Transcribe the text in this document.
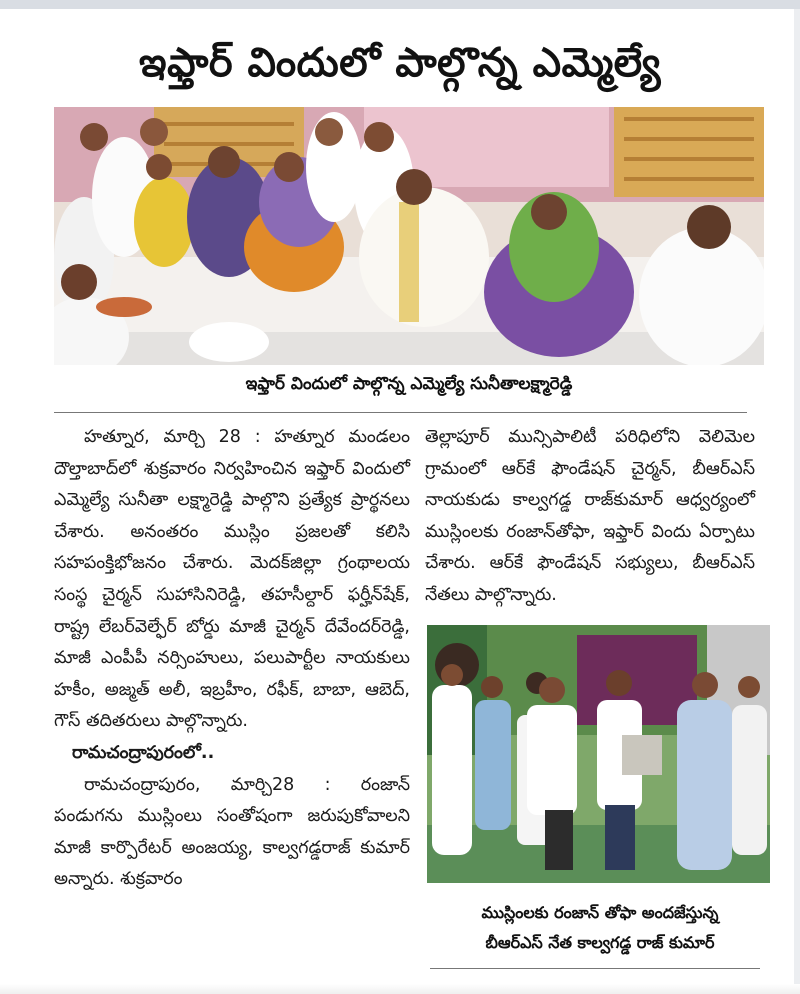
ఇఫ్తార్ విందులో పాల్గొన్న ఎమ్మెల్యే
ఇఫ్తార్ విందులో పాల్గొన్న ఎమ్మెల్యే సునీతాలక్ష్మారెడ్డి

హత్నూర, మార్చి 28 : హత్నూర మండలం దౌల్తాబాద్‌లో శుక్రవారం నిర్వహించిన ఇఫ్తార్ విందులో ఎమ్మెల్యే సునీతా లక్ష్మారెడ్డి పాల్గొని ప్రత్యేక ప్రార్థనలు చేశారు. అనంతరం ముస్లిం ప్రజలతో కలిసి సహపంక్తిభోజనం చేశారు. మెదక్‌జిల్లా గ్రంథాలయ సంస్థ చైర్మన్ సుహాసినిరెడ్డి, తహసీల్దార్ ఫర్హీన్‌షేక్, రాష్ట్ర లేబర్‌వెల్ఫేర్ బోర్డు మాజీ చైర్మన్ దేవేందర్‌రెడ్డి, మాజీ ఎంపీపీ నర్సింహులు, పలుపార్టీల నాయకులు హకీం, అజ్మత్ అలీ, ఇబ్రహీం, రఫీక్, బాబా, ఆబెద్, గౌస్ తదితరులు పాల్గొన్నారు.

రామచంద్రాపురంలో..

రామచంద్రాపురం, మార్చి28 : రంజాన్ పండుగను ముస్లింలు సంతోషంగా జరుపుకోవాలని మాజీ కార్పొరేటర్ అంజయ్య, కాల్వగడ్డరాజ్ కుమార్ అన్నారు. శుక్రవారం

తెల్లాపూర్ మున్సిపాలిటీ పరిధిలోని వెలిమెల గ్రామంలో ఆర్‌కే ఫౌండేషన్ చైర్మన్, బీఆర్ఎస్ నాయకుడు కాల్వగడ్డ రాజ్‌కుమార్ ఆధ్వర్యంలో ముస్లింలకు రంజాన్‌తోఫా, ఇఫ్తార్ విందు ఏర్పాటు చేశారు. ఆర్‌కే ఫౌండేషన్ సభ్యులు, బీఆర్ఎస్ నేతలు పాల్గొన్నారు.

ముస్లింలకు రంజాన్ తోఫా అందజేస్తున్న
బీఆర్ఎస్ నేత కాల్వగడ్డ రాజ్ కుమార్
